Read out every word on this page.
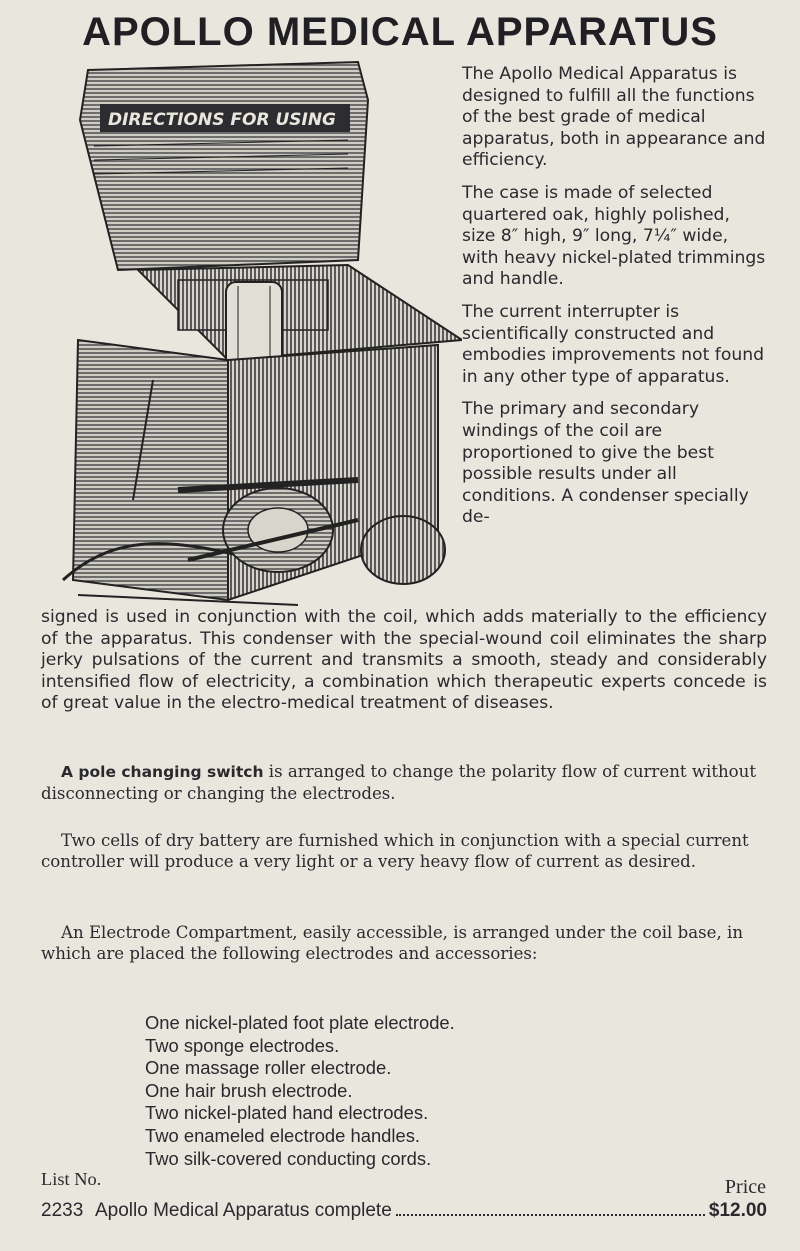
APOLLO MEDICAL APPARATUS
DIRECTIONS FOR USING

The Apollo Medical Apparatus is designed to fulfill all the functions of the best grade of medical apparatus, both in appearance and efficiency.

The case is made of selected quartered oak, highly polished, size 8″ high, 9″ long, 7¼″ wide, with heavy nickel-plated trimmings and handle.

The current interrupter is scientifically constructed and embodies improvements not found in any other type of apparatus.

The primary and secondary windings of the coil are proportioned to give the best possible results under all conditions. A condenser specially de-

signed is used in conjunction with the coil, which adds materially to the efficiency of the apparatus. This condenser with the special-wound coil eliminates the sharp jerky pulsations of the current and transmits a smooth, steady and considerably intensified flow of electricity, a combination which therapeutic experts concede is of great value in the electro-medical treatment of diseases.

A pole changing switch is arranged to change the polarity flow of current without disconnecting or changing the electrodes.

Two cells of dry battery are furnished which in conjunction with a special current controller will produce a very light or a very heavy flow of current as desired.

An Electrode Compartment, easily accessible, is arranged under the coil base, in which are placed the following electrodes and accessories:

One nickel-plated foot plate electrode.
Two sponge electrodes.
One massage roller electrode.
One hair brush electrode.
Two nickel-plated hand electrodes.
Two enameled electrode handles.
Two silk-covered conducting cords.
List No.	Price
2233 Apollo Medical Apparatus complete	$12.00
